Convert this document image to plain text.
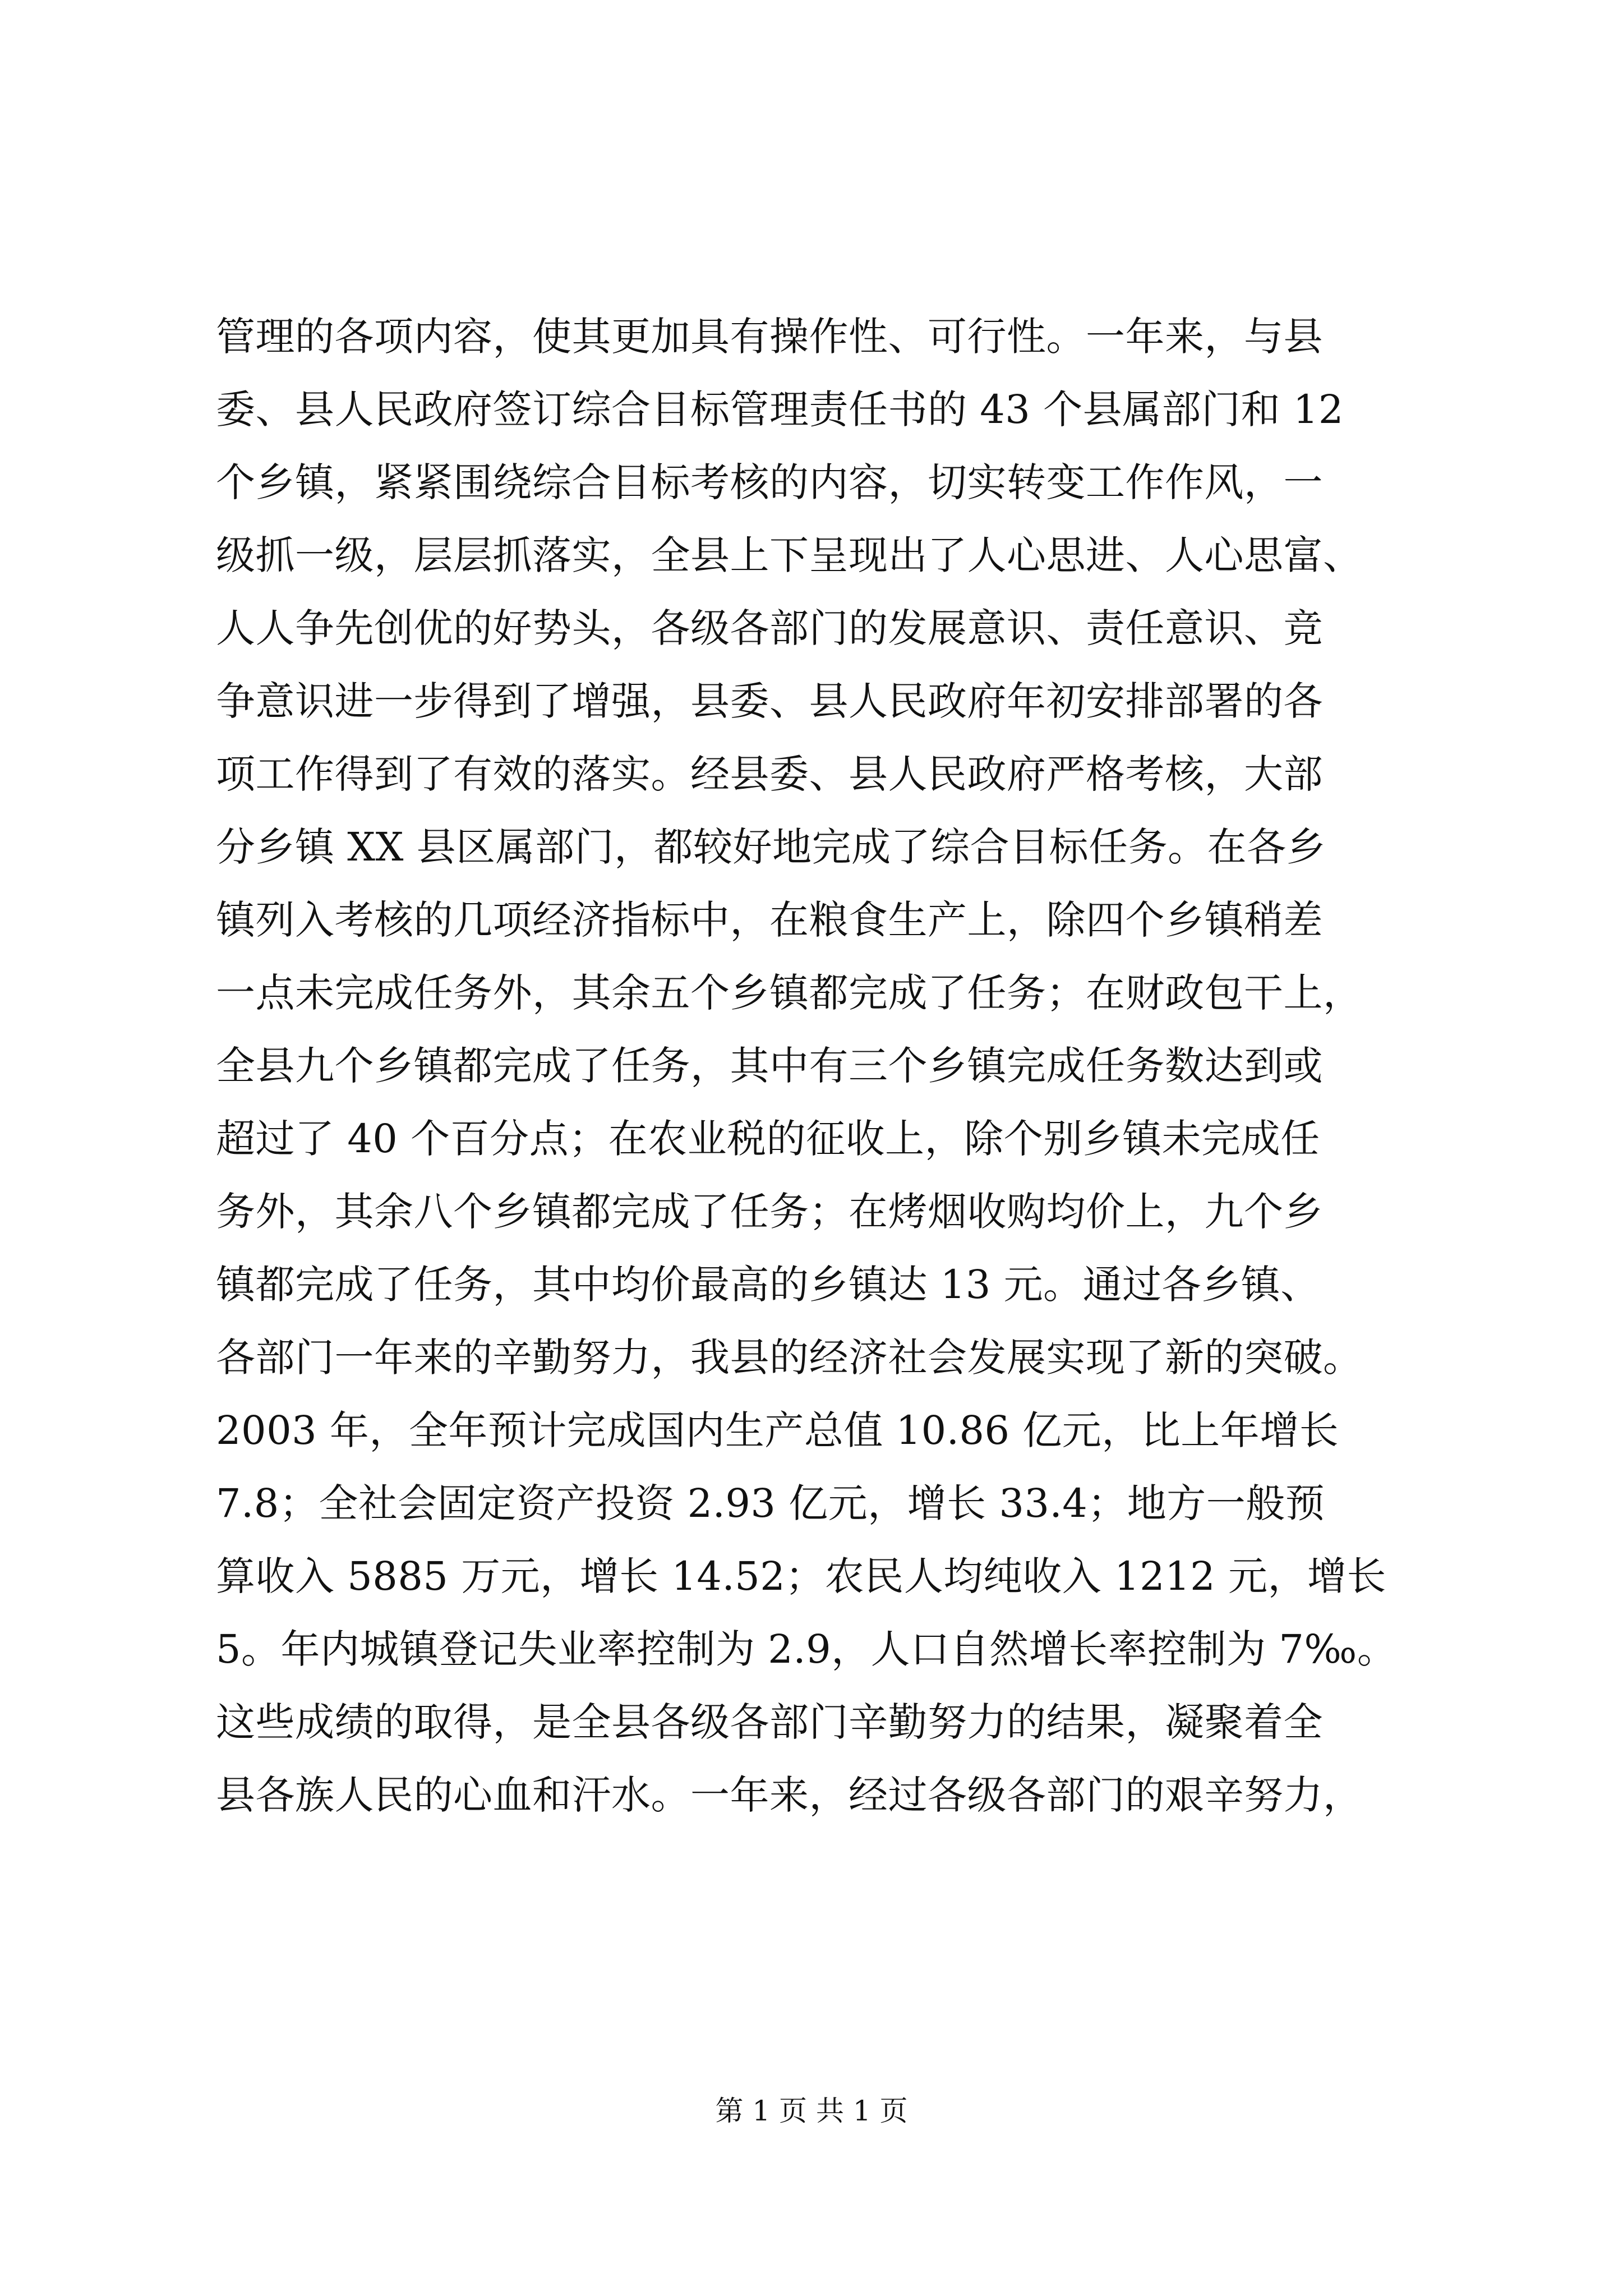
管理的各项内容，使其更加具有操作性、可行性。一年来，与县
委、县人民政府签订综合目标管理责任书的 43 个县属部门和 12
个乡镇，紧紧围绕综合目标考核的内容，切实转变工作作风，一
级抓一级，层层抓落实，全县上下呈现出了人心思进、人心思富、
人人争先创优的好势头，各级各部门的发展意识、责任意识、竞
争意识进一步得到了增强，县委、县人民政府年初安排部署的各
项工作得到了有效的落实。经县委、县人民政府严格考核，大部
分乡镇 XX 县区属部门，都较好地完成了综合目标任务。在各乡
镇列入考核的几项经济指标中，在粮食生产上，除四个乡镇稍差
一点未完成任务外，其余五个乡镇都完成了任务；在财政包干上，
全县九个乡镇都完成了任务，其中有三个乡镇完成任务数达到或
超过了 40 个百分点；在农业税的征收上，除个别乡镇未完成任
务外，其余八个乡镇都完成了任务；在烤烟收购均价上，九个乡
镇都完成了任务，其中均价最高的乡镇达 13 元。通过各乡镇、
各部门一年来的辛勤努力，我县的经济社会发展实现了新的突破。
2003 年，全年预计完成国内生产总值 10.86 亿元，比上年增长
7.8；全社会固定资产投资 2.93 亿元，增长 33.4；地方一般预
算收入 5885 万元，增长 14.52；农民人均纯收入 1212 元，增长
5。年内城镇登记失业率控制为 2.9，人口自然增长率控制为 7‰。
这些成绩的取得，是全县各级各部门辛勤努力的结果，凝聚着全
县各族人民的心血和汗水。一年来，经过各级各部门的艰辛努力，
第 1 页 共 1 页
